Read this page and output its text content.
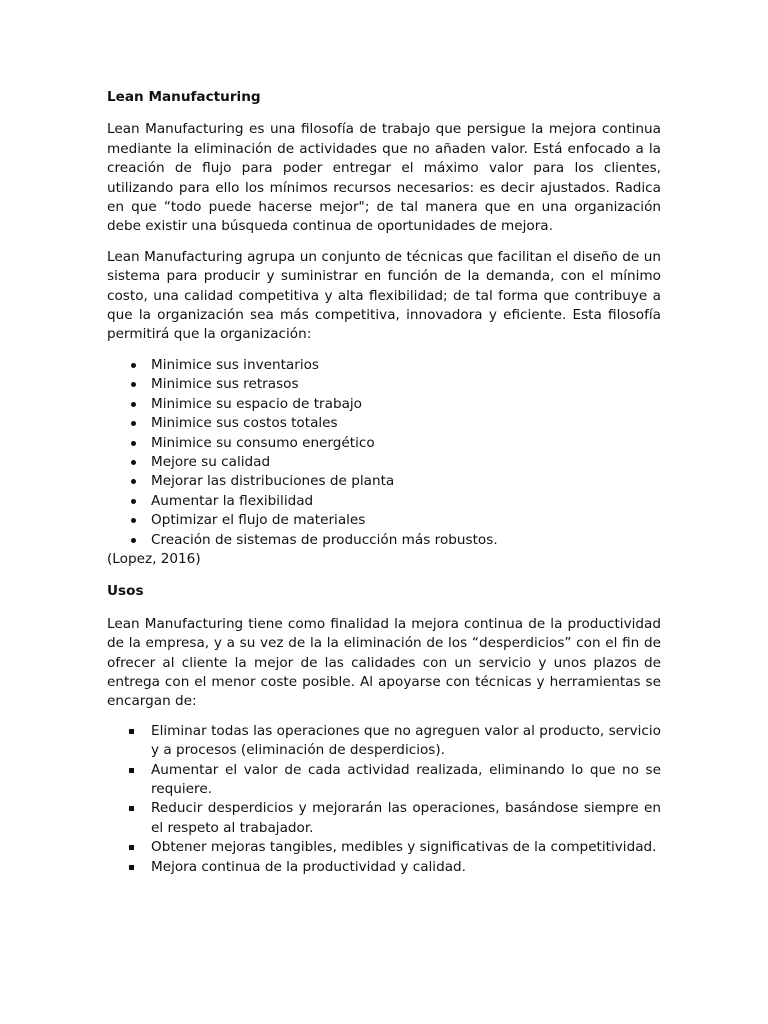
Lean Manufacturing

Lean Manufacturing es una filosofía de trabajo que persigue la mejora continua mediante la eliminación de actividades que no añaden valor. Está enfocado a la creación de flujo para poder entregar el máximo valor para los clientes, utilizando para ello los mínimos recursos necesarios: es decir ajustados. Radica en que “todo puede hacerse mejor"; de tal manera que en una organización debe existir una búsqueda continua de oportunidades de mejora.

Lean Manufacturing agrupa un conjunto de técnicas que facilitan el diseño de un sistema para producir y suministrar en función de la demanda, con el mínimo costo, una calidad competitiva y alta flexibilidad; de tal forma que contribuye a que la organización sea más competitiva, innovadora y eficiente. Esta filosofía permitirá que la organización:

Minimice sus inventarios
Minimice sus retrasos
Minimice su espacio de trabajo
Minimice sus costos totales
Minimice su consumo energético
Mejore su calidad
Mejorar las distribuciones de planta
Aumentar la flexibilidad
Optimizar el flujo de materiales
Creación de sistemas de producción más robustos.
(Lopez, 2016)
Usos

Lean Manufacturing tiene como finalidad la mejora continua de la productividad de la empresa, y a su vez de la la eliminación de los “desperdicios” con el fin de ofrecer al cliente la mejor de las calidades con un servicio y unos plazos de entrega con el menor coste posible. Al apoyarse con técnicas y herramientas se encargan de:

Eliminar todas las operaciones que no agreguen valor al producto, servicio y a procesos (eliminación de desperdicios).
Aumentar el valor de cada actividad realizada, eliminando lo que no se requiere.
Reducir desperdicios y mejorarán las operaciones, basándose siempre en el respeto al trabajador.
Obtener mejoras tangibles, medibles y significativas de la competitividad.
Mejora continua de la productividad y calidad.
